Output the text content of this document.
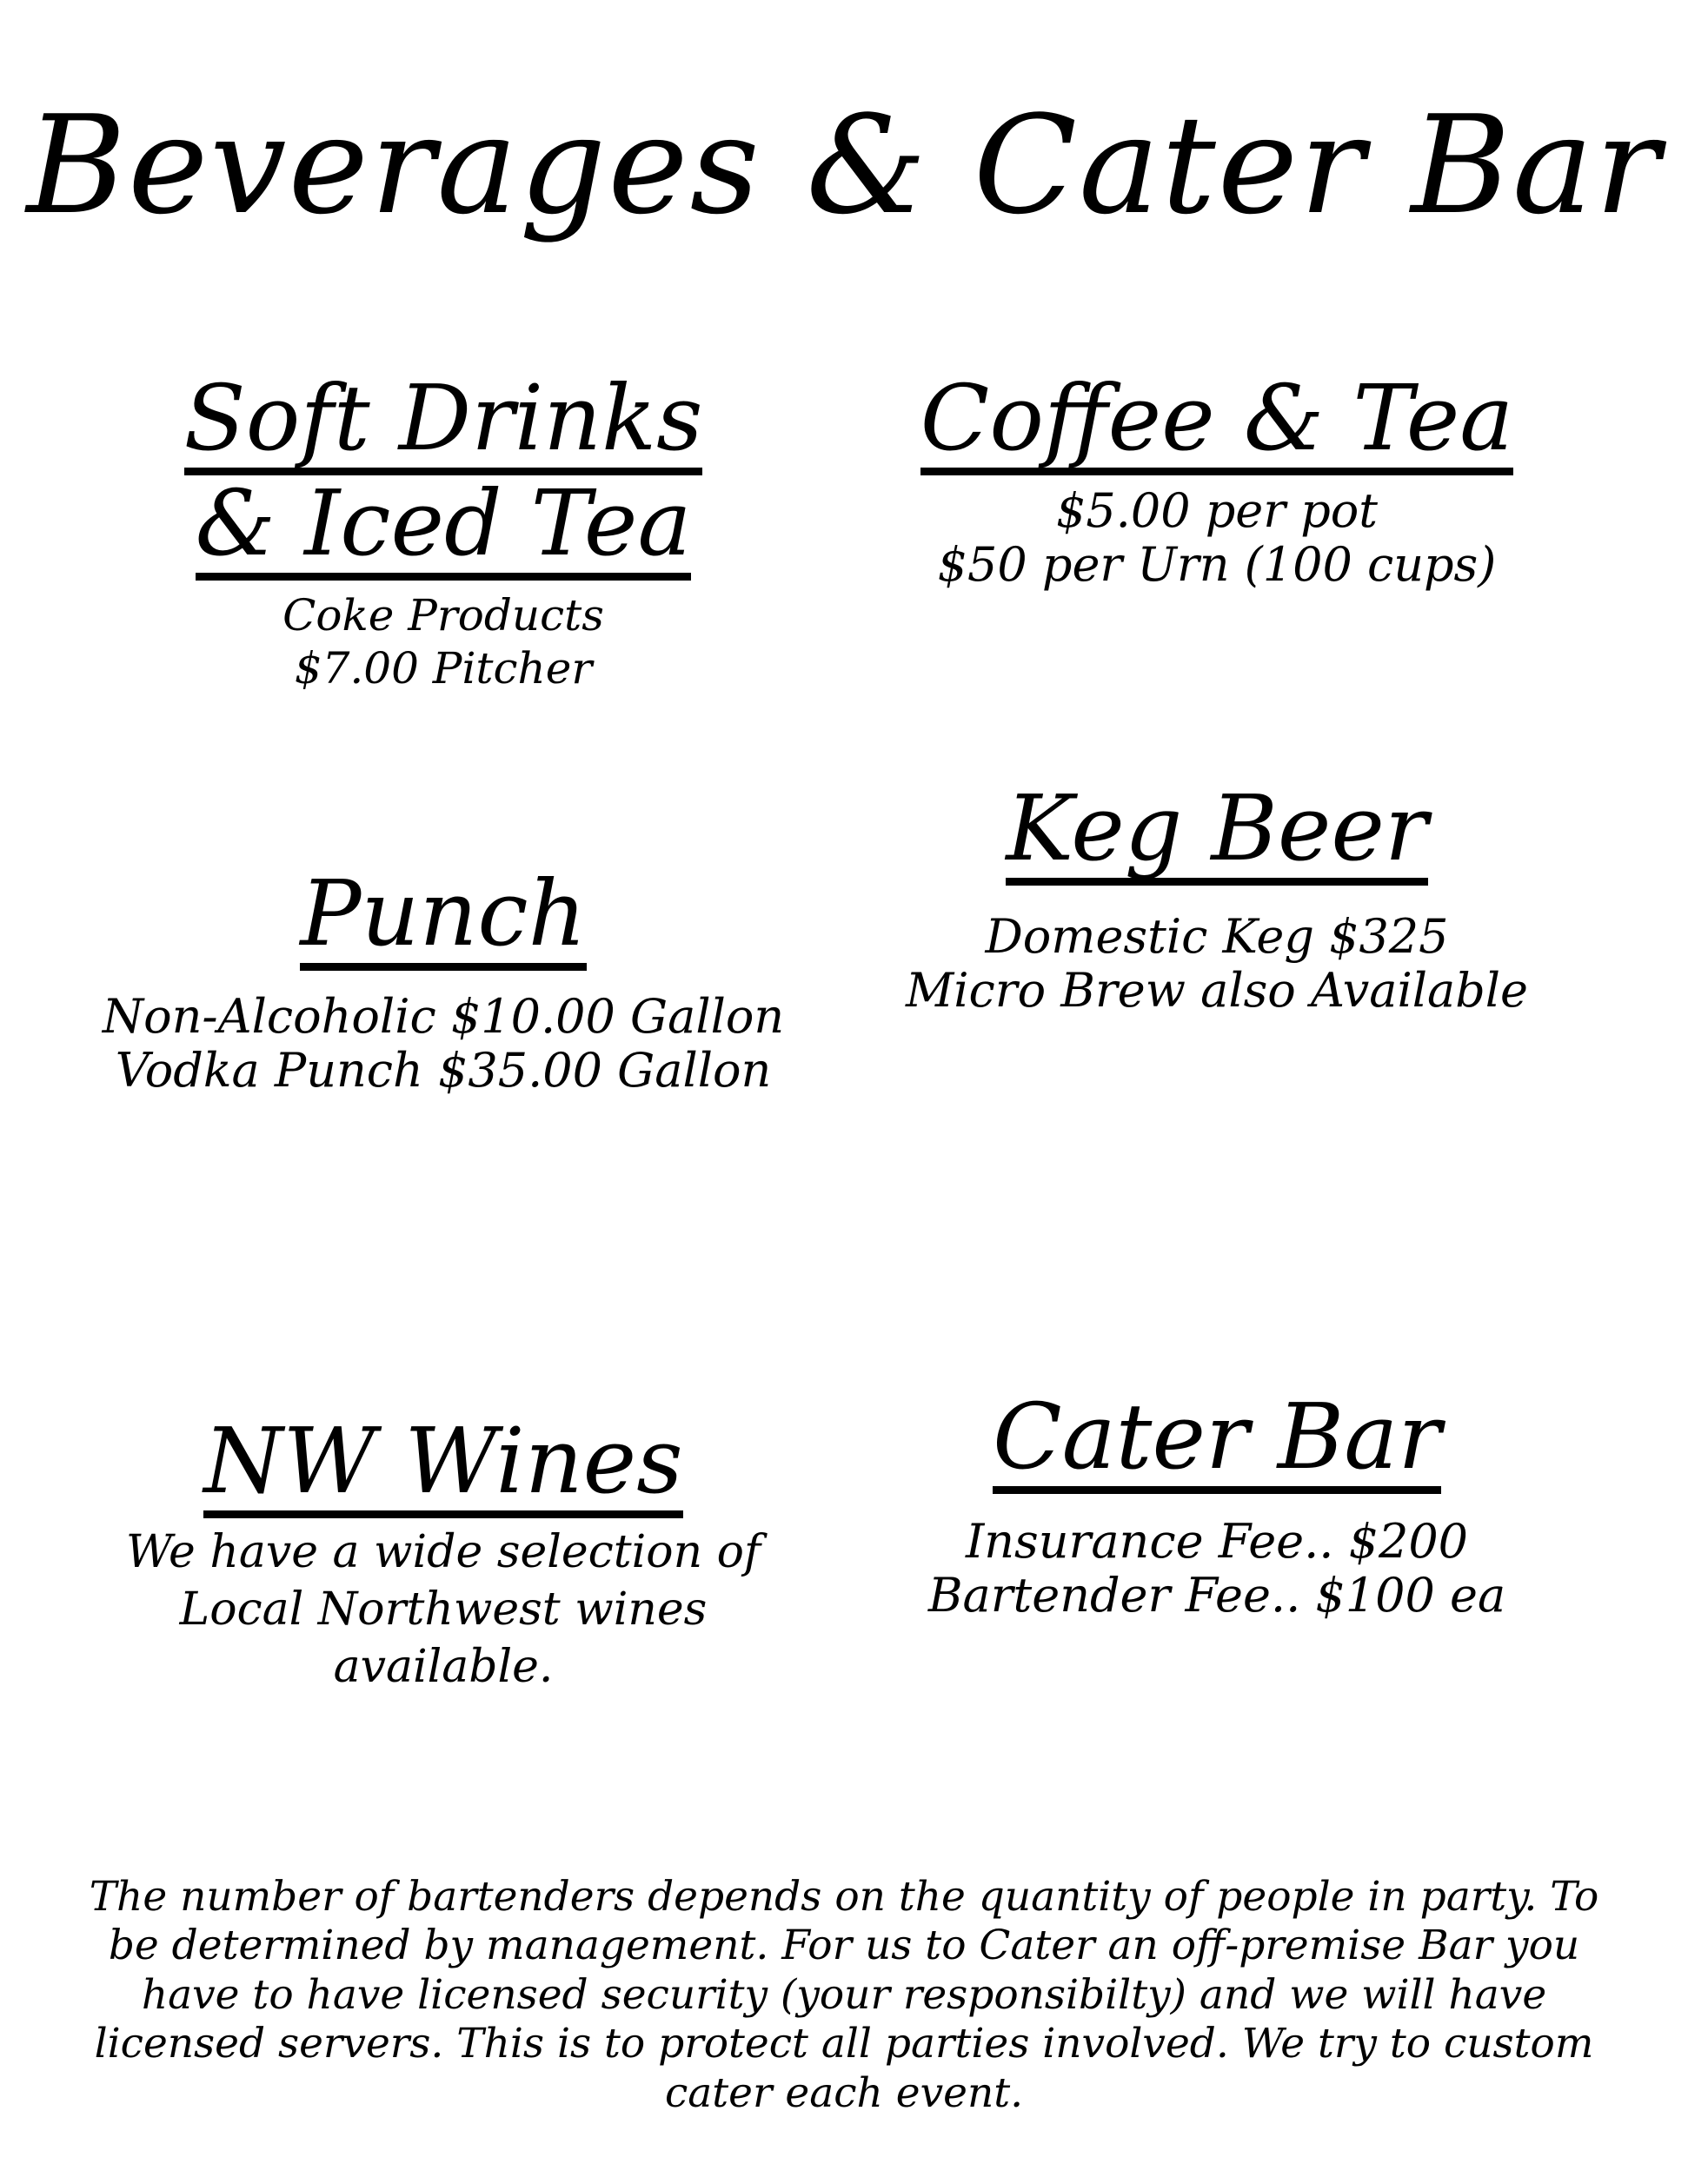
Beverages & Cater Bar
Soft Drinks
& Iced Tea

Coke Products

$7.00 Pitcher

Coffee & Tea

$5.00 per pot

$50 per Urn (100 cups)

Keg Beer

Domestic Keg $325

Micro Brew also Available

Punch

Non-Alcoholic $10.00 Gallon

Vodka Punch $35.00 Gallon

NW Wines

We have a wide selection of

Local Northwest wines

available.

Cater Bar

Insurance Fee.. $200

Bartender Fee.. $100 ea

The number of bartenders depends on the quantity of people in party. To be determined by management. For us to Cater an off-premise Bar you have to have licensed security (your responsibilty) and we will have licensed servers. This is to protect all parties involved. We try to custom cater each event.
